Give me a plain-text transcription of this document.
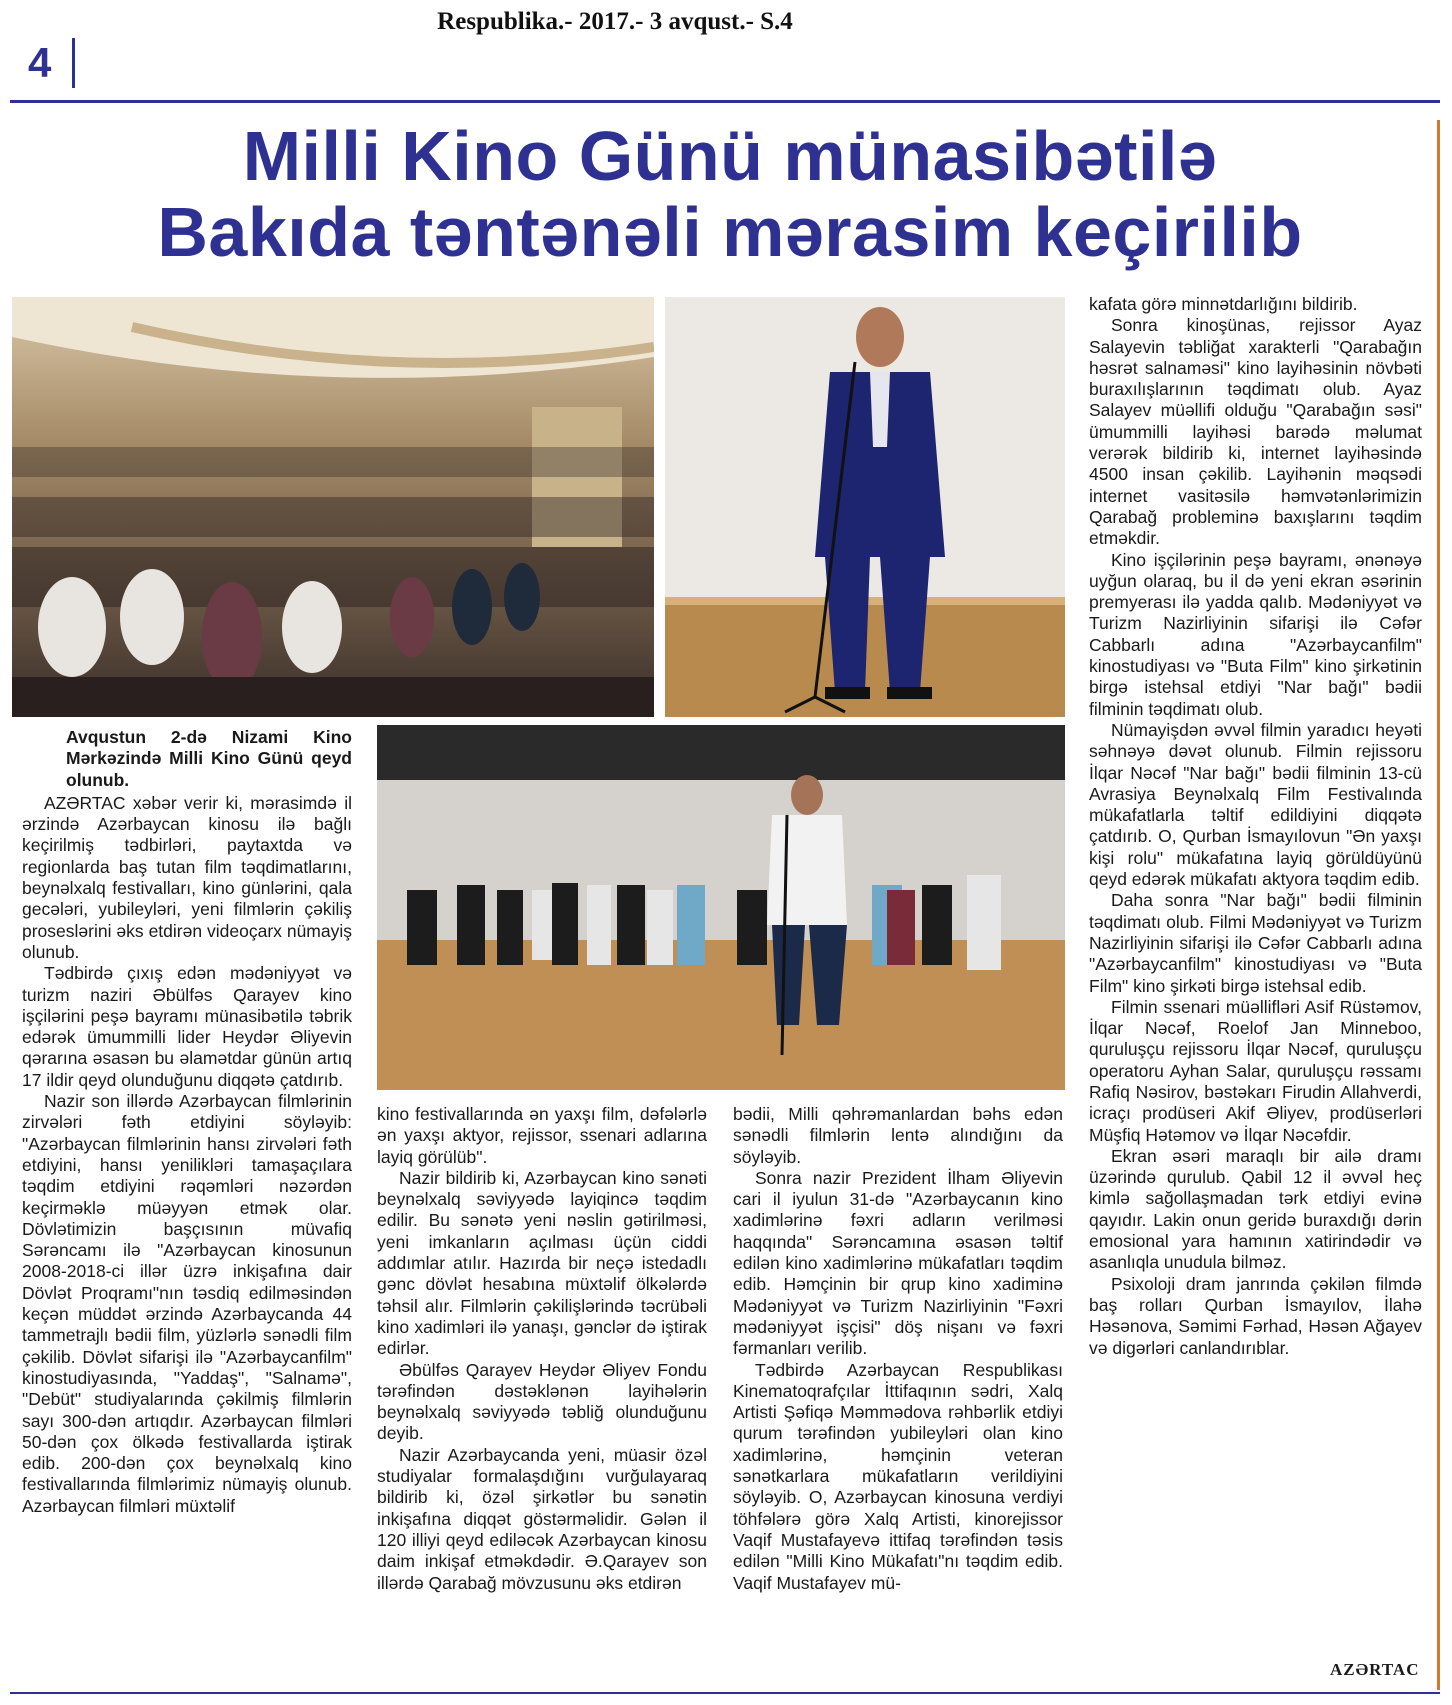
Respublika.- 2017.- 3 avqust.- S.4
4
Milli Kino Günü münasibətilə
Bakıda təntənəli mərasim keçirilib

Avqustun 2-də Nizami Kino Mərkəzində Milli Kino Günü qeyd olunub.

AZƏRTAC xəbər verir ki, mərasimdə il ərzində Azərbaycan kinosu ilə bağlı keçirilmiş tədbirləri, paytaxtda və regionlarda baş tutan film təqdimatlarını, beynəlxalq festivalları, kino günlərini, qala gecələri, yubileyləri, yeni filmlərin çəkiliş proseslərini əks etdirən videoçarx nümayiş olunub.

Tədbirdə çıxış edən mədəniyyət və turizm naziri Əbülfəs Qarayev kino işçilərini peşə bayramı münasibətilə təbrik edərək ümummilli lider Heydər Əliyevin qərarına əsasən bu əlamətdar günün artıq 17 ildir qeyd olunduğunu diqqətə çatdırıb.

Nazir son illərdə Azərbaycan filmlərinin zirvələri fəth etdiyini söyləyib: "Azərbaycan filmlərinin hansı zirvələri fəth etdiyini, hansı yenilikləri tamaşaçılara təqdim etdiyini rəqəmləri nəzərdən keçirməklə müəyyən etmək olar. Dövlətimizin başçısının müvafiq Sərəncamı ilə "Azərbaycan kinosunun 2008-2018-ci illər üzrə inkişafına dair Dövlət Proqramı"nın təsdiq edilməsindən keçən müddət ərzində Azərbaycanda 44 tammetrajlı bədii film, yüzlərlə sənədli film çəkilib. Dövlət sifarişi ilə "Azərbaycanfilm" kinostudiyasında, "Yaddaş", "Salnamə", "Debüt" studiyalarında çəkilmiş filmlərin sayı 300-dən artıqdır. Azərbaycan filmləri 50-dən çox ölkədə festivallarda iştirak edib. 200-dən çox beynəlxalq kino festivallarında filmlərimiz nümayiş olunub. Azərbaycan filmləri müxtəlif

kino festivallarında ən yaxşı film, dəfələrlə ən yaxşı aktyor, rejissor, ssenari adlarına layiq görülüb".

Nazir bildirib ki, Azərbaycan kino sənəti beynəlxalq səviyyədə layiqincə təqdim edilir. Bu sənətə yeni nəslin gətirilməsi, yeni imkanların açılması üçün ciddi addımlar atılır. Hazırda bir neçə istedadlı gənc dövlət hesabına müxtəlif ölkələrdə təhsil alır. Filmlərin çəkilişlərində təcrübəli kino xadimləri ilə yanaşı, gənclər də iştirak edirlər.

Əbülfəs Qarayev Heydər Əliyev Fondu tərəfindən dəstəklənən layihələrin beynəlxalq səviyyədə təbliğ olunduğunu deyib.

Nazir Azərbaycanda yeni, müasir özəl studiyalar formalaşdığını vurğulayaraq bildirib ki, özəl şirkətlər bu sənətin inkişafına diqqət göstərməlidir. Gələn il 120 illiyi qeyd ediləcək Azərbaycan kinosu daim inkişaf etməkdədir. Ə.Qarayev son illərdə Qarabağ mövzusunu əks etdirən

bədii, Milli qəhrəmanlardan bəhs edən sənədli filmlərin lentə alındığını da söyləyib.

Sonra nazir Prezident İlham Əliyevin cari il iyulun 31-də "Azərbaycanın kino xadimlərinə fəxri adların verilməsi haqqında" Sərəncamına əsasən təltif edilən kino xadimlərinə mükafatları təqdim edib. Həmçinin bir qrup kino xadiminə Mədəniyyət və Turizm Nazirliyinin "Fəxri mədəniyyət işçisi" döş nişanı və fəxri fərmanları verilib.

Tədbirdə Azərbaycan Respublikası Kinematoqrafçılar İttifaqının sədri, Xalq Artisti Şəfiqə Məmmədova rəhbərlik etdiyi qurum tərəfindən yubileyləri olan kino xadimlərinə, həmçinin veteran sənətkarlara mükafatların verildiyini söyləyib. O, Azərbaycan kinosuna verdiyi töhfələrə görə Xalq Artisti, kinorejissor Vaqif Mustafayevə ittifaq tərəfindən təsis edilən "Milli Kino Mükafatı"nı təqdim edib. Vaqif Mustafayev mü-

kafata görə minnətdarlığını bildirib.

Sonra kinoşünas, rejissor Ayaz Salayevin təbliğat xarakterli "Qarabağın həsrət salnaməsi" kino layihəsinin növbəti buraxılışlarının təqdimatı olub. Ayaz Salayev müəllifi olduğu "Qarabağın səsi" ümummilli layihəsi barədə məlumat verərək bildirib ki, internet layihəsində 4500 insan çəkilib. Layihənin məqsədi internet vasitəsilə həmvətənlərimizin Qarabağ probleminə baxışlarını təqdim etməkdir.

Kino işçilərinin peşə bayramı, ənənəyə uyğun olaraq, bu il də yeni ekran əsərinin premyerası ilə yadda qalıb. Mədəniyyət və Turizm Nazirliyinin sifarişi ilə Cəfər Cabbarlı adına "Azərbaycanfilm" kinostudiyası və "Buta Film" kino şirkətinin birgə istehsal etdiyi "Nar bağı" bədii filminin təqdimatı olub.

Nümayişdən əvvəl filmin yaradıcı heyəti səhnəyə dəvət olunub. Filmin rejissoru İlqar Nəcəf "Nar bağı" bədii filminin 13-cü Avrasiya Beynəlxalq Film Festivalında mükafatlarla təltif edildiyini diqqətə çatdırıb. O, Qurban İsmayılovun "Ən yaxşı kişi rolu" mükafatına layiq görüldüyünü qeyd edərək mükafatı aktyora təqdim edib.

Daha sonra "Nar bağı" bədii filminin təqdimatı olub. Filmi Mədəniyyət və Turizm Nazirliyinin sifarişi ilə Cəfər Cabbarlı adına "Azərbaycanfilm" kinostudiyası və "Buta Film" kino şirkəti birgə istehsal edib.

Filmin ssenari müəllifləri Asif Rüstəmov, İlqar Nəcəf, Roelof Jan Minneboo, quruluşçu rejissoru İlqar Nəcəf, quruluşçu operatoru Ayhan Salar, quruluşçu rəssamı Rafiq Nəsirov, bəstəkarı Firudin Allahverdi, icraçı prodüseri Akif Əliyev, prodüserləri Müşfiq Hətəmov və İlqar Nəcəfdir.

Ekran əsəri maraqlı bir ailə dramı üzərində qurulub. Qabil 12 il əvvəl heç kimlə sağollaşmadan tərk etdiyi evinə qayıdır. Lakin onun geridə buraxdığı dərin emosional yara hamının xatirindədir və asanlıqla unudula bilməz.

Psixoloji dram janrında çəkilən filmdə baş rolları Qurban İsmayılov, İlahə Həsənova, Səmimi Fərhad, Həsən Ağayev və digərləri canlandırıblar.

AZƏRTAC
